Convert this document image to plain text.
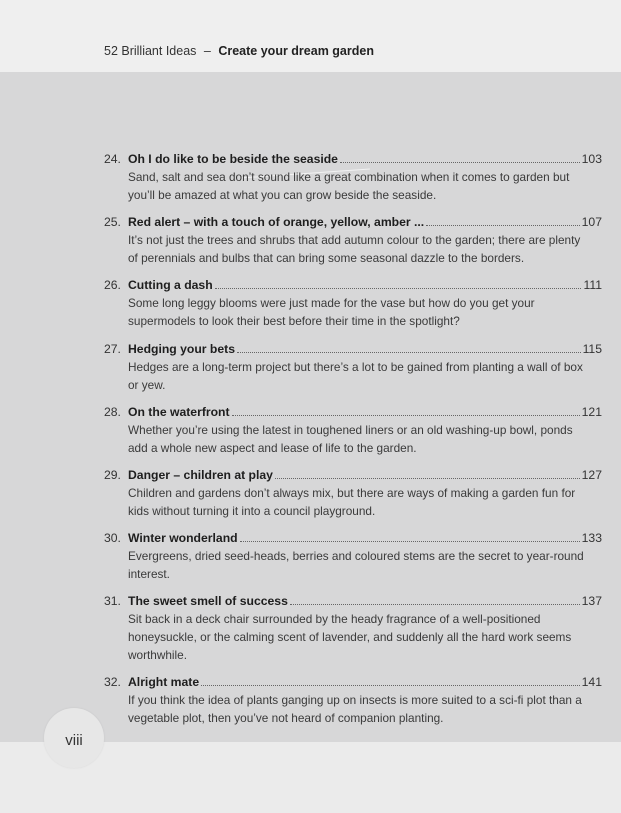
52 Brilliant Ideas – Create your dream garden
24. Oh I do like to be beside the seaside	103
Sand, salt and sea don’t sound like a great combination when it comes to garden but you’ll be amazed at what you can grow beside the seaside.
25. Red alert – with a touch of orange, yellow, amber ...	107
It’s not just the trees and shrubs that add autumn colour to the garden; there are plenty of perennials and bulbs that can bring some seasonal dazzle to the borders.
26. Cutting a dash	111
Some long leggy blooms were just made for the vase but how do you get your supermodels to look their best before their time in the spotlight?
27. Hedging your bets	115
Hedges are a long-term project but there’s a lot to be gained from planting a wall of box or yew.
28. On the waterfront	121
Whether you’re using the latest in toughened liners or an old washing-up bowl, ponds add a whole new aspect and lease of life to the garden.
29. Danger – children at play	127
Children and gardens don’t always mix, but there are ways of making a garden fun for kids without turning it into a council playground.
30. Winter wonderland	133
Evergreens, dried seed-heads, berries and coloured stems are the secret to year-round interest.
31. The sweet smell of success	137
Sit back in a deck chair surrounded by the heady fragrance of a well-positioned honeysuckle, or the calming scent of lavender, and suddenly all the hard work seems worthwhile.
32. Alright mate	141
If you think the idea of plants ganging up on insects is more suited to a sci-fi plot than a vegetable plot, then you’ve not heard of companion planting.
viii
